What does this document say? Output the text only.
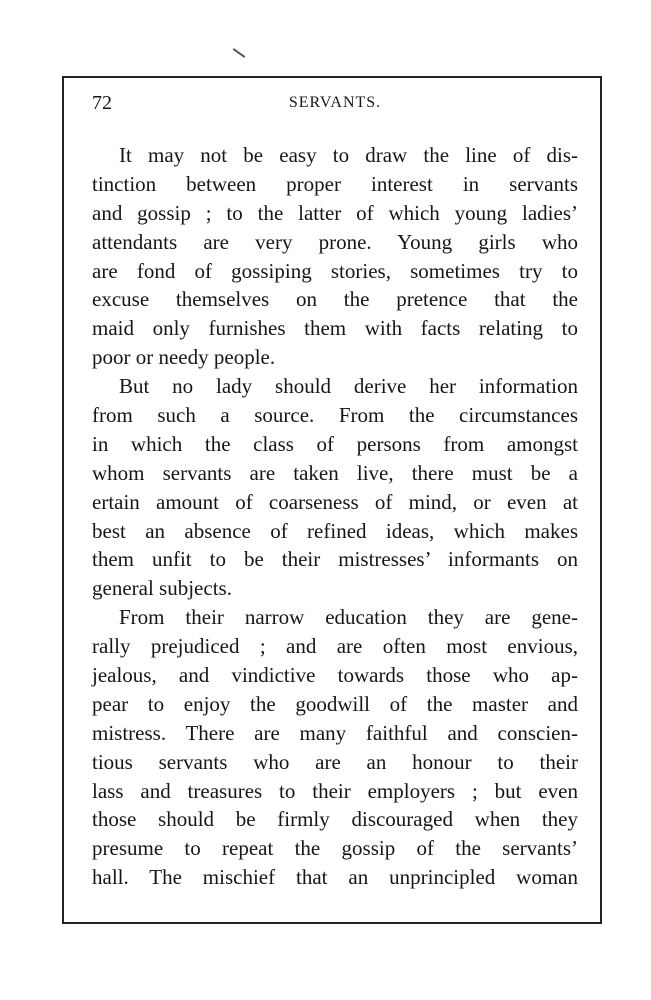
72	SERVANTS.
It may not be easy to draw the line of dis-
tinction between proper interest in servants
and gossip ; to the latter of which young ladies’
attendants are very prone. Young girls who
are fond of gossiping stories, sometimes try to
excuse themselves on the pretence that the
maid only furnishes them with facts relating to
poor or needy people.
But no lady should derive her information
from such a source. From the circumstances
in which the class of persons from amongst
whom servants are taken live, there must be a
ertain amount of coarseness of mind, or even at
best an absence of refined ideas, which makes
them unfit to be their mistresses’ informants on
general subjects.
From their narrow education they are gene-
rally prejudiced ; and are often most envious,
jealous, and vindictive towards those who ap-
pear to enjoy the goodwill of the master and
mistress. There are many faithful and conscien-
tious servants who are an honour to their
lass and treasures to their employers ; but even
those should be firmly discouraged when they
presume to repeat the gossip of the servants’
hall. The mischief that an unprincipled woman
